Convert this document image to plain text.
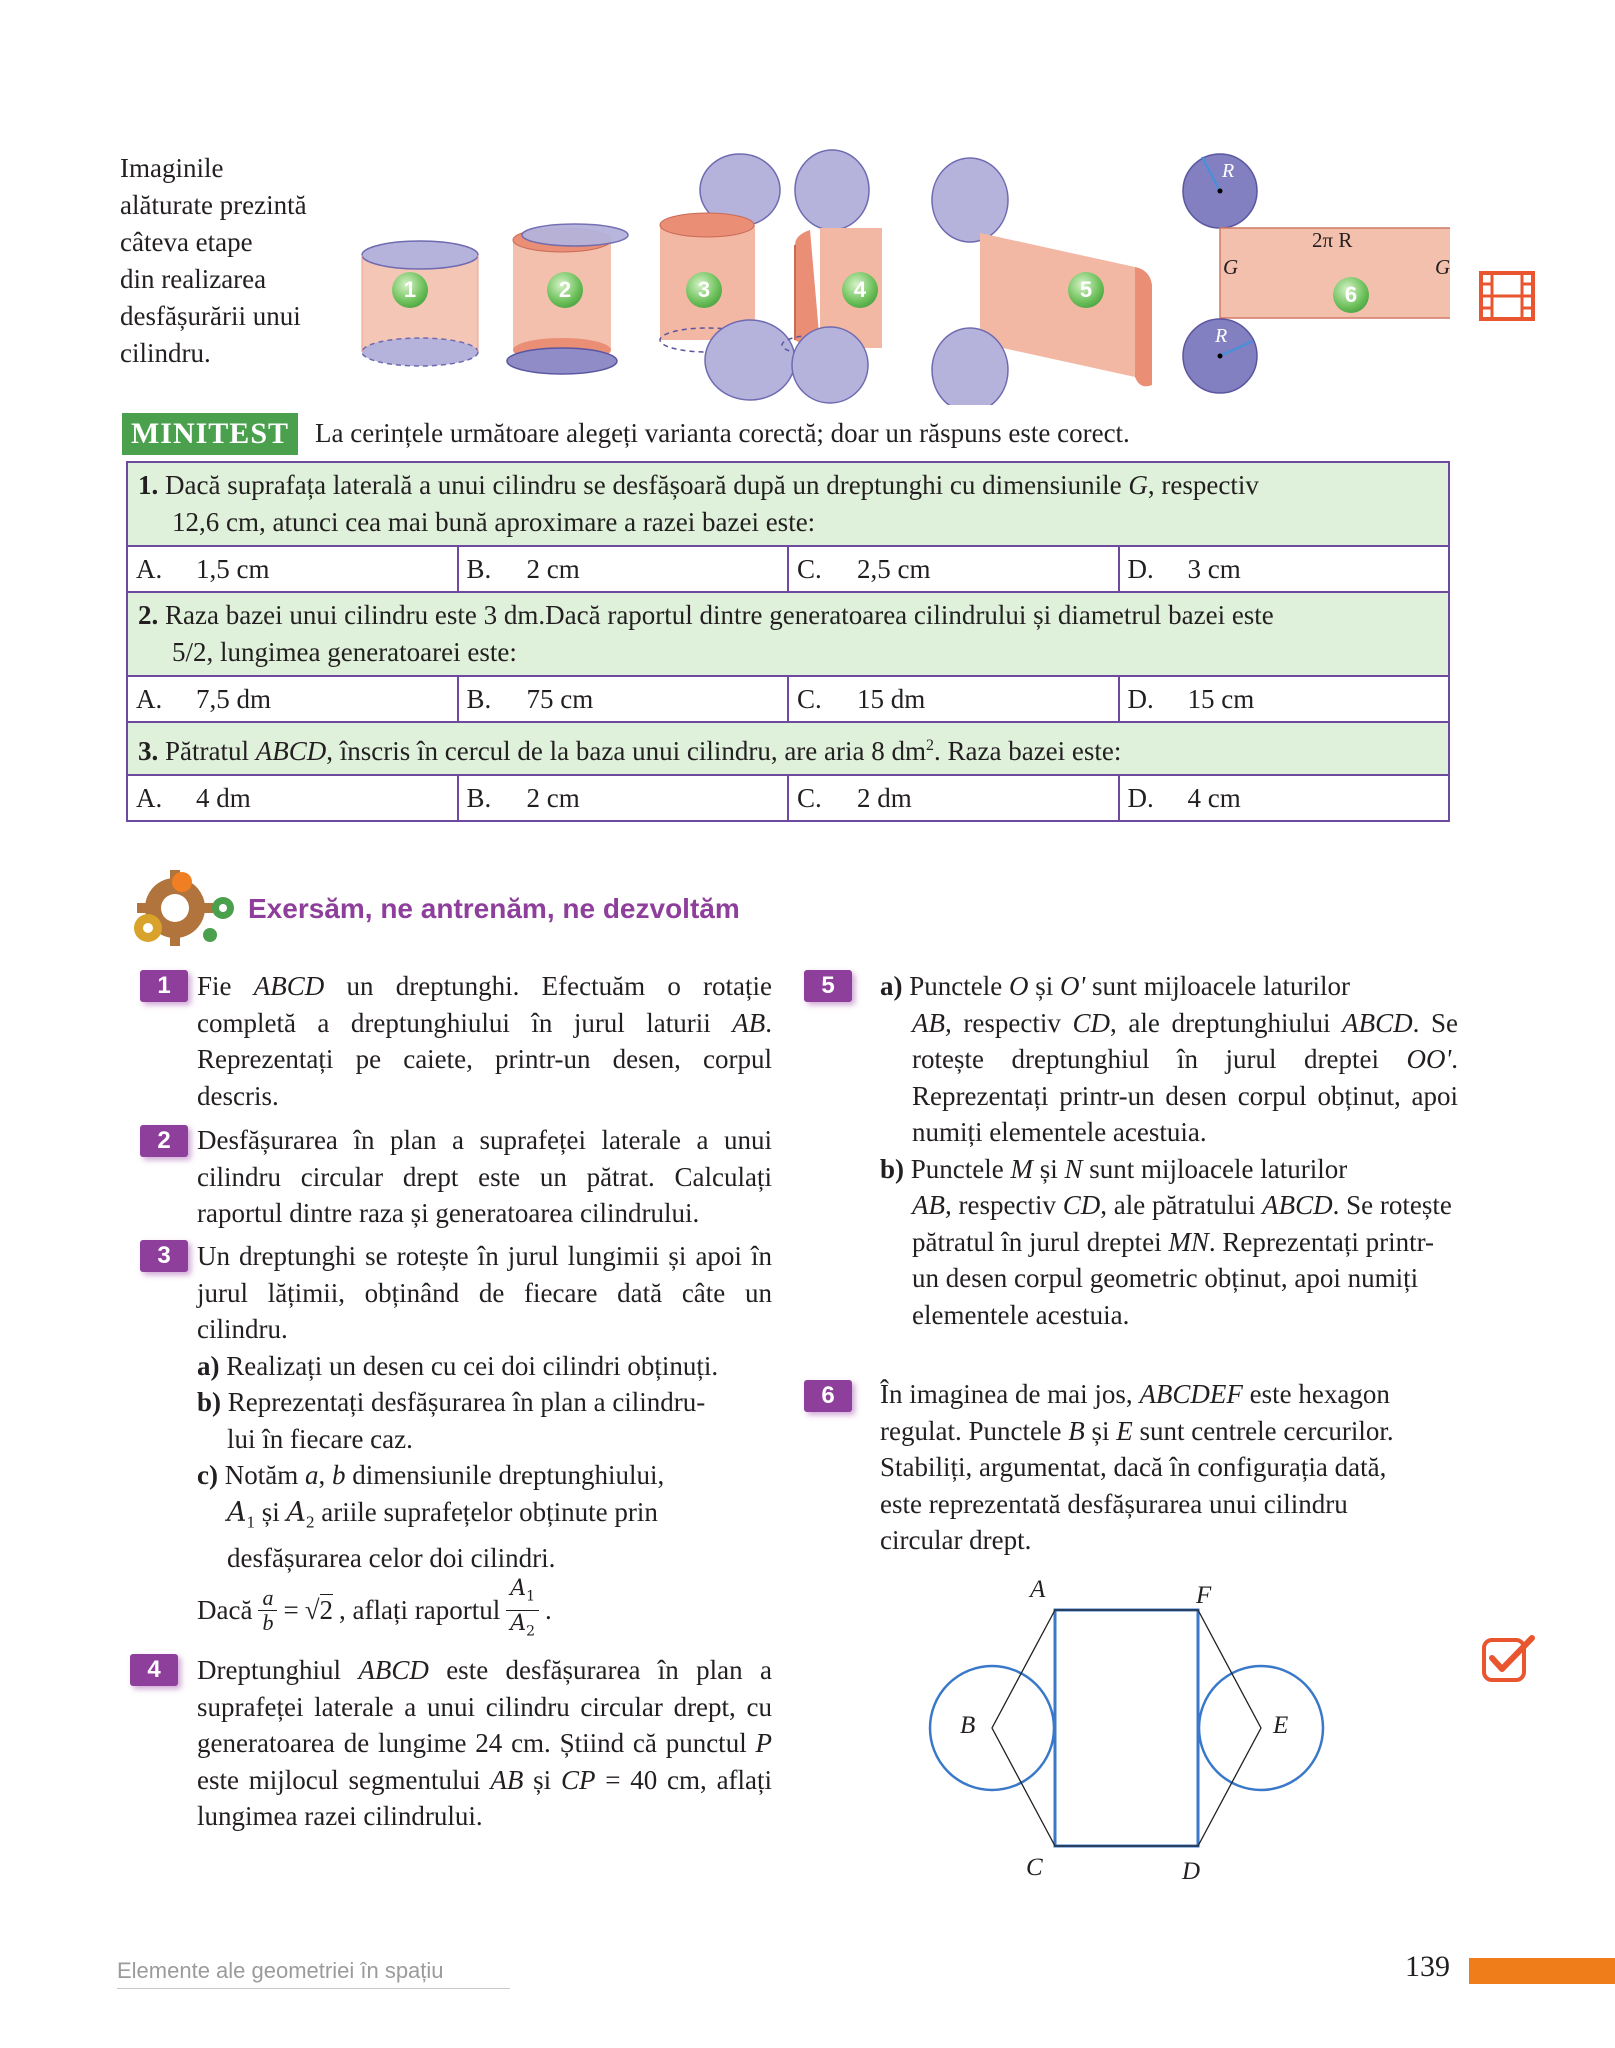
Imaginile
alăturate prezintă
câteva etape
din realizarea
desfășurării unui
cilindru.
1	2	3	4	5	6
2π R
G	G
R
R
MINITEST La cerințele următoare alegeți varianta corectă; doar un răspuns este corect.
1. Dacă suprafața laterală a unui cilindru se desfășoară după un dreptunghi cu dimensiunile G, respectiv
12,6 cm, atunci cea mai bună aproximare a razei bazei este:			

A. 1,5 cm	B. 2 cm	C. 2,5 cm	D. 3 cm
2. Raza bazei unui cilindru este 3 dm.Dacă raportul dintre generatoarea cilindrului și diametrul bazei este
5/2, lungimea generatoarei este:			

A. 7,5 dm	B. 75 cm	C. 15 dm	D. 15 cm
3. Pătratul ABCD, înscris în cercul de la baza unui cilindru, are aria 8 $dm^2$. Raza bazei este:			
A. 4 dm	B. 2 cm	C. 2 dm	D. 4 cm
Exersăm, ne antrenăm, ne dezvoltăm
1 Fie ABCD un dreptunghi. Efectuăm o rotație completă a dreptunghiului în jurul laturii AB. Reprezentați pe caiete, printr-un desen, corpul descris.
2 Desfășurarea în plan a suprafeței laterale a unui cilindru circular drept este un pătrat. Calculați raportul dintre raza și generatoarea cilindrului.
3 Un dreptunghi se rotește în jurul lungimii și apoi în jurul lățimii, obținând de fiecare dată câte un cilindru.

a) Realizați un desen cu cei doi cilindri obținuți.

b) Reprezentați desfășurarea în plan a cilindru-

lui în fiecare caz.

c) Notăm a, b dimensiunile dreptunghiului,

$A_1$ și $A_2$ ariile suprafețelor obținute prin

desfășurarea celor doi cilindri.

Dacă $\frac{a}{b} = √2$ , aflați raportul $\frac{A_1}{A_2}$ .
4	Dreptunghiul ABCD este desfășurarea în plan a suprafeței laterale a unui cilindru circular drept, cu generatoarea de lungime 24 cm. Știind că punctul P este mijlocul segmentului AB și CP = 40 cm, aflați lungimea razei cilindrului.
5	a) Punctele O și O' sunt mijloacele laturilor

AB, respectiv CD, ale dreptunghiului ABCD. Se rotește dreptunghiul în jurul dreptei OO'. Reprezentați printr-un desen corpul obținut, apoi numiți elementele acestuia.

b) Punctele M și N sunt mijloacele laturilor

AB, respectiv CD, ale pătratului ABCD. Se rotește pătratul în jurul dreptei MN. Reprezentați printr-un desen corpul geometric obținut, apoi numiți elementele acestuia.

6	În imaginea de mai jos, ABCDEF este hexagon regulat. Punctele B și E sunt centrele cercurilor. Stabiliți, argumentat, dacă în configurația dată, este reprezentată desfășurarea unui cilindru circular drept.
A
B
C	D
E
F
Elemente ale geometriei în spațiu	139
